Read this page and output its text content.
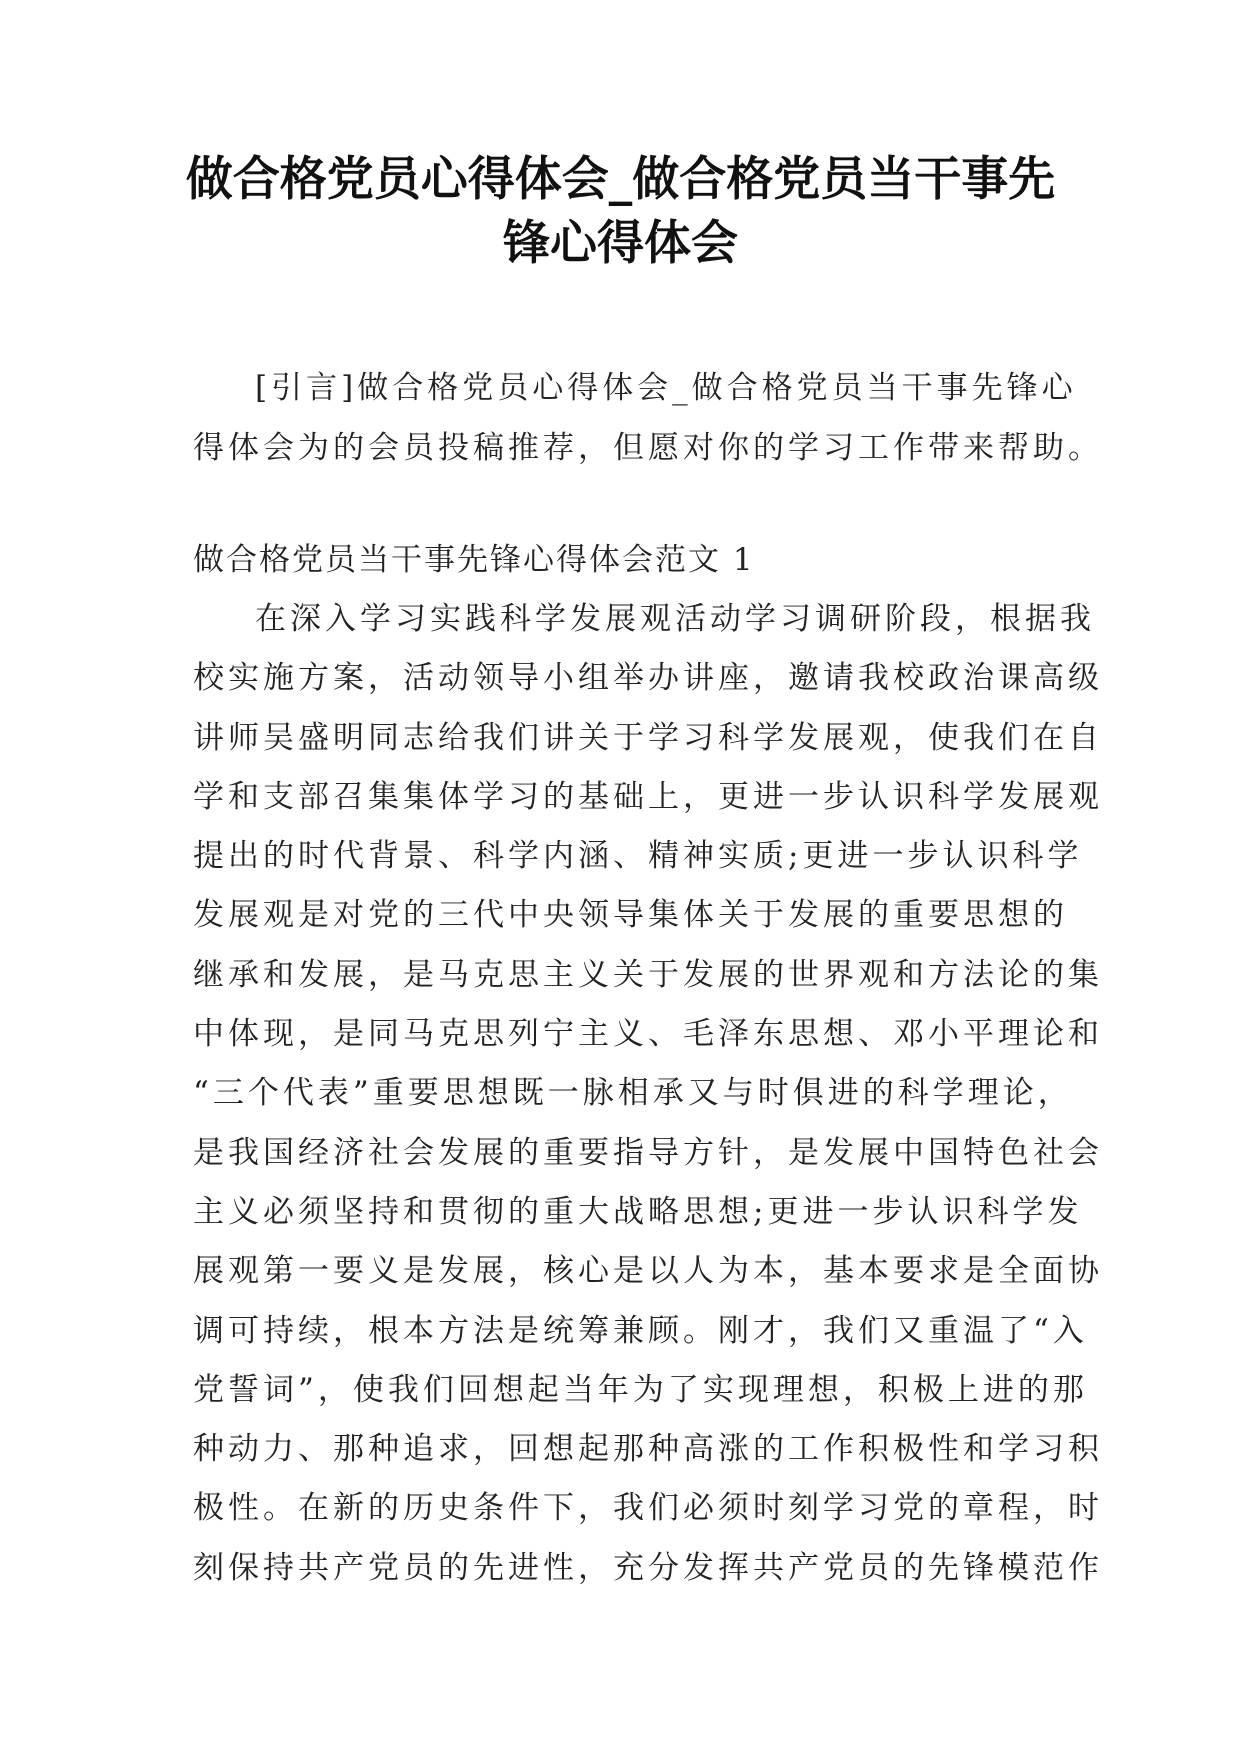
做合格党员心得体会_做合格党员当干事先
锋心得体会
[引言]做合格党员心得体会_做合格党员当干事先锋心
得体会为的会员投稿推荐，但愿对你的学习工作带来帮助。
做合格党员当干事先锋心得体会范文 1
在深入学习实践科学发展观活动学习调研阶段，根据我
校实施方案，活动领导小组举办讲座，邀请我校政治课高级
讲师吴盛明同志给我们讲关于学习科学发展观，使我们在自
学和支部召集集体学习的基础上，更进一步认识科学发展观
提出的时代背景、科学内涵、精神实质;更进一步认识科学
发展观是对党的三代中央领导集体关于发展的重要思想的
继承和发展，是马克思主义关于发展的世界观和方法论的集
中体现，是同马克思列宁主义、毛泽东思想、邓小平理论和
“三个代表”重要思想既一脉相承又与时俱进的科学理论，
是我国经济社会发展的重要指导方针，是发展中国特色社会
主义必须坚持和贯彻的重大战略思想;更进一步认识科学发
展观第一要义是发展，核心是以人为本，基本要求是全面协
调可持续，根本方法是统筹兼顾。刚才，我们又重温了“入
党誓词”，使我们回想起当年为了实现理想，积极上进的那
种动力、那种追求，回想起那种高涨的工作积极性和学习积
极性。在新的历史条件下，我们必须时刻学习党的章程，时
刻保持共产党员的先进性，充分发挥共产党员的先锋模范作
